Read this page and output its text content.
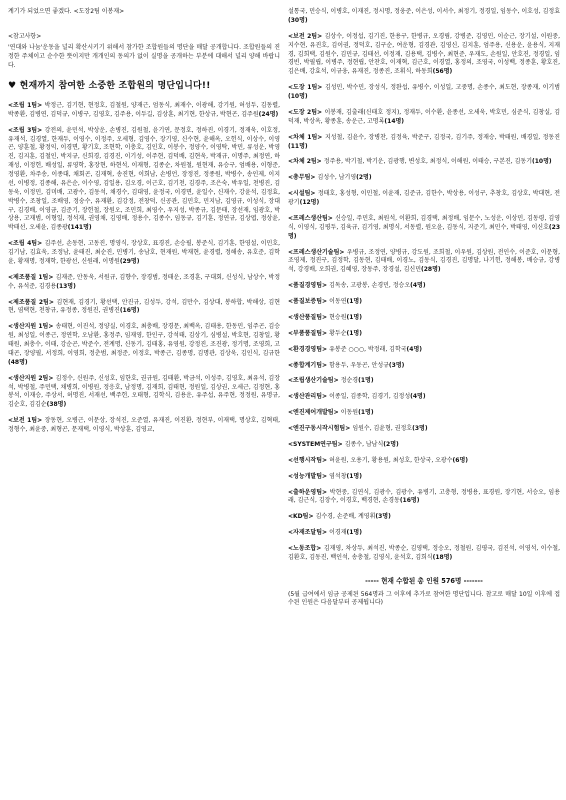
계기가 되었으면 좋겠다. <도장2팀 이봉재>

<참고사항>

'연대와 나눔'운동을 널리 확산시키기 위해서 참가한 조합원들의 명단을 매달 공개합니다. 조합원들의 진정한 주체이고 순수한 뜻이지만 개개인의 동의가 없이 실명을 공개하는 부분에 대해서 널리 양해 바랍니다.

♥ 현재까지 참여한 소중한 조합원의 명단입니다!!

<조립 1팀> 박정근, 김기현, 현정호, 김철원, 양재근, 엄동식, 최재수, 이광해, 강기원, 허성두, 김동렬, 박종환, 김병연, 김덕규, 이병구, 김영호, 김주용, 이두길, 김상훈, 최기현, 한상규, 박현곤, 김주원(24명)

<조립 3팀> 강전의, 윤민석, 박상운, 손병진, 김원철, 윤기연, 문정호, 정하진, 이경기, 정재욱, 이호정, 유재석, 김경열, 한재두, 이영수, 이정주, 오세형, 김영수, 장기영, 신수현, 윤해옥, 오헌식, 이상수, 이영곤, 양훈철, 황정익, 이경면, 황기호, 조현학, 이충호, 김인호, 이봉수, 정양수, 이영탁, 박민, 류성운, 박영진, 김지훈, 김철인, 박지규, 신희경, 김경진, 이기성, 이주현, 김덕배, 김현욱, 박재규, 이명주, 최정연, 하재성, 이정헌, 배성일, 류영학, 홍장현, 하현석, 이재형, 김종순, 차원철, 원현재, 유승구, 엄배용, 이형준, 정영환, 차주송, 이종대, 채회곤, 김재혁, 송진현, 이희남, 손병언, 장정진, 정종원, 박병수, 송인제, 이지선, 이병정, 김종해, 유은순, 이수영, 김일용, 김오경, 이근호, 김기천, 김경주, 조은숙, 박우일, 천병진, 김동욱, 이정민, 김미배, 고광수, 김동석, 채경수, 김대영, 윤정국, 이경면, 윤일수, 신재수, 강윤석, 김정효, 박병수, 조창일, 조배영, 정숭수, 유재환, 김강정, 전창덕, 신공관, 김민호, 민지남, 김영규, 이성식, 장대구, 김경배, 이영금, 김준기, 장헌철, 장원오, 조민희, 최영수, 우지성, 박종규, 김문태, 장선재, 임광호, 박상용, 고재범, 이형일, 정석재, 권영채, 김영배, 정용수, 김종수, 임동규, 김기훈, 정연규, 김상엽, 정상윤, 박태선, 오세윤, 김종광(141명)

<조립 4팀> 김주선, 손동현, 고동진, 명영식, 장상호, 표경진, 손승필, 봉준식, 김기훈, 한영설, 이민호, 김기남, 김효욱, 조정남, 윤태진, 최순진, 민병기, 송남호, 현재원, 박재현, 윤경렬, 정해송, 유호준, 김학윤, 황재명, 정재학, 한광선, 신원래, 이명원(29명)

<제조품질 1팀> 김재준, 안동욱, 서원규, 김향수, 장경범, 정태운, 조경훈, 구대회, 신성식, 남상수, 박정수, 유석준, 김경용(13명)

<제조품질 2팀> 김현재, 김경기, 황선택, 안진규, 김성두, 강석, 김만수, 김상대, 봉하합, 박해상, 김현현, 염택현, 천창규, 유정종, 정원진, 권병진(16명)

<생산지원 1팀> 송태현, 이진석, 정양실, 이경호, 최충배, 장경문, 최백옥, 김태용, 한동민, 임주곤, 김승원, 최성일, 이종근, 정연학, 오남환, 홍정주, 임재영, 한인구, 강석태, 김상기, 심병설, 박호현, 김창일, 황태원, 최충수, 이태, 강순곤, 박준수, 전계명, 신동기, 김태홍, 유영원, 강정진, 조진광, 정기명, 조영희, 고대곤, 장양필, 서정희, 이영희, 정춘범, 최정준, 이정호, 박종근, 김종명, 김명관, 김상욱, 김인식, 김규한(48명)

<생산지원 2팀> 김정수, 신원주, 신성호, 임한호, 권규원, 김태환, 박금석, 이성주, 김영호, 최유석, 김장석, 박병철, 주민택, 채병희, 이병원, 정응호, 남정명, 김재희, 김태현, 정원일, 김상권, 오세근, 김정현, 홍봉석, 이재승, 주상서, 허명진, 서재선, 백주헌, 오태형, 김학식, 김용운, 유주섭, 유주현, 정정원, 유명규, 김순호, 김김순(38명)

<보전 1팀> 장동현, 오병근, 이문상, 장석진, 오준열, 유재진, 이진환, 정현부, 이재택, 명상호, 김혁태, 정형수, 최윤중, 최형곤, 문재택, 이영식, 박상훈, 김영교,

설통국, 민승식, 이병호, 이재진, 정시명, 정웅준, 이은성, 이서수, 최정기, 정경일, 임동수, 이호성, 김정효(30명)

<보전 2팀> 김상수, 이정섭, 김기진, 한용구, 한병규, 오경림, 강병준, 김영민, 이순근, 장기설, 이원중, 지수현, 유진호, 김이권, 정덕호, 김구순, 여운형, 김경관, 김영신, 김지훈, 엄주용, 신용운, 윤용식, 지재경, 김희택, 김원수, 김민규, 김태선, 이정재, 김용택, 김병수, 최현준, 우재도, 손원일, 안호진, 정경일, 임경빈, 박필립, 이병주, 정현립, 안찬호, 이재혁, 김근호, 이경열, 홍정의, 조영국, 이성백, 정종훈, 황호진, 김은배, 강효석, 이규웅, 유재진, 정종진, 조휘식, 하동희(56명)

<도장 1팀> 김성민, 박수민, 장성식, 정완섭, 유병수, 이성일, 고중명, 손종수, 최도현, 장종재, 이기범(10명)

<도장 2팀> 이봉재, 김출래(신태호 정지), 정재두, 이수환, 윤종선, 오세욱, 박호민, 심준식, 김창실, 김덕재, 박상옥, 황종훈, 송운근, 고명록(14명)

<차체 1팀> 지성철, 김윤수, 장병찬, 김정육, 박준구, 김정국, 김기주, 정재승, 박태원, 배경일, 정동진(11명)

<차체 2팀> 정주용, 박기철, 박기운, 김광행, 변성호, 최정식, 이해원, 이태승, 구본진, 김동기(10명)

<총무팀> 김성수, 남기영(2명)

<시설팀> 정태호, 홍성형, 이민철, 이윤재, 김준규, 김한수, 박상용, 이성구, 추창호, 김상호, 박대현, 전광기(12명)

<프레스생산팀> 신승일, 주민호, 최원석, 이환희, 김경택, 최정배, 임문수, 노성운, 이상민, 김동령, 김영식, 이영식, 김평두, 김육규, 김기영, 최명식, 서동렬, 원오윤, 김동식, 지준기, 최민수, 박태영, 이신호(23명)

<프레스생산기술팀> 우병규, 조정연, 양병규, 강도원, 조희철, 이우원, 김상원, 전인수, 이준호, 이문형, 조영제, 정진구, 김정학, 김동현, 김태배, 이경노, 김동식, 김경진, 김명달, 나기헌, 정해봉, 배승규, 강병석, 강경배, 오희권, 김혜영, 장동주, 장경설, 김신민(28명)

<품질경영팀> 김독송, 고광봉, 손경민, 정승오(4명)

<품질보증팀> 이동연(1명)

<생산품질팀> 현승원(1명)

<부품품질팀> 황두순(1명)

<환경경영팀> 유봉준 ○○○, 박정래, 김학국(4명)

<종합계기팀> 함용두, 우동곤, 안성규(3명)

<조립생산기술팀> 정순경(1명)

<생산관리팀> 이종일, 김종학, 김경기, 김정성(4명)

<엔진제어개발팀> 이동원(1명)

<엔진구동시작시험팀> 임원수, 김윤형, 권정호(3명)

<SYSTEM연구팀> 김종수, 남남식(2명)

<선행시작팀> 허윤원, 오용기, 황용원, 최성호, 한상국, 오광수(6명)

<성능개발팀> 염석창(1명)

<출하운영팀> 박현중, 김연식, 김광수, 김광수, 유병기, 고충형, 정병용, 표경원, 장기현, 서승오, 임용래, 김근식, 김장수, 이경호, 백경현, 손경동(16명)

<KD팀> 김수경, 손준배, 계영휘(3명)

<자재조달팀> 이경재(1명)

<노동조합> 김재영, 차상두, 최석진, 박종순, 김영택, 정승오, 정철원, 김평국, 김진석, 이영석, 이수철, 김환호, 김동진, 백인석, 송충철, 김영식, 윤석호, 김희식(18명)

----- 현재 수합된 총 인원 576명 -------

(5월 급여에서 임금 공제된 564명과 그 이후에 추가로 참여한 명단입니다. 참고로 매달 10일 이후에 접수된 인원은 다음달부터 공제됩니다)
